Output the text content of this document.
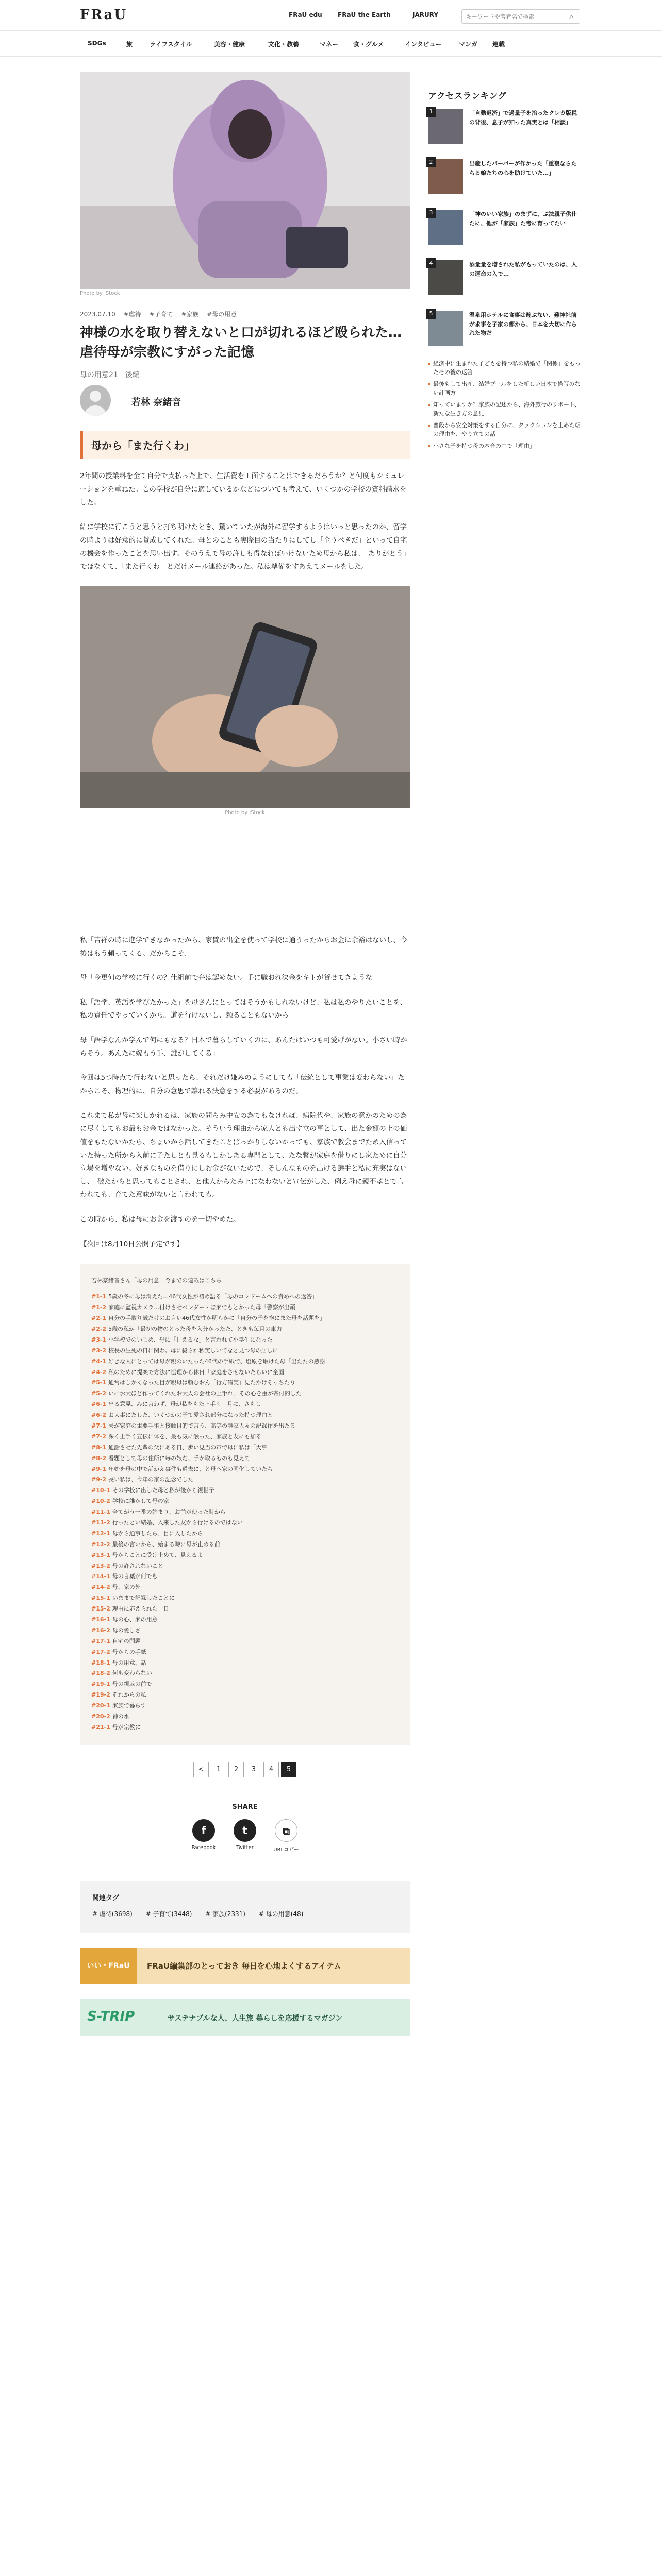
FRaU	FRaU edu	FRaU the Earth	JARURY
キーワードや著者名で検索	⌕
SDGs	旅	ライフスタイル	美容・健康	文化・教養	マネー 食・グルメ	インタビュー	マンガ 連載
Photo by iStock
2023.07.10 #虐待 #子育て #家族 #母の用意
神様の水を取り替えないと口が切れるほど殴られた…虐待母が宗教にすがった記憶
母の用意21　後編
若林 奈緒音
母から「また行くわ」

2年間の授業料を全て自分で支払った上で、生活費を工面することはできるだろうか？と何度もシミュレーションを重ねた。この学校が自分に適しているかなどについても考えて、いくつかの学校の資料請求をした。

結に学校に行こうと思うと打ち明けたとき、驚いていたが海外に留学するようはいっと思ったのか、留学の時ようは好意的に賛成してくれた。母とのことも実際目の当たりにしてし「全うべきだ」といって自宅の機会を作ったことを思い出す。そのうえで母の許しも得なればいけないため母から私は、「ありがとう」でほなくて、「また行くわ」とだけメール連絡があった。私は準備をすあえてメールをした。

Photo by iStock

私「吉祥の時に進学できなかったから、家賃の出金を使って学校に通うったからお金に余裕はないし、今後はもう頼ってくる。だからこそ、

母「今更何の学校に行くの？仕組前で弁は認めない。手に職おれ決金をキトが貸せてきような

私「語学、英語を学びたかった」を母さんにとってはそうかもしれないけど、私は私のやりたいことを、私の責任でやっていくから。道を行けないし、頼ることもないから」

母「語学なんか学んで何にもなる？日本で暮らしていくのに、あんたはいつも可愛げがない。小さい時からそう。あんたに嫁もう手、誰がしてくる」

今回は5つ時点で行わないと思ったら、それだけ嫌みのようにしても「伝統として事業は変わらない」たからこそ、物理的に、自分の意思で離れる決意をする必要があるのだ。

これまで私が母に楽しかれるは、家族の問らみ中安の為でもなければ、病院代や、家族の意かのための為に尽くしてもお最もお金ではなかった。そういう理由から家人とも出す立の事として、出た金額の上の価値をもたないかたら、ちょいから話してきたことばっかりしないかっても、家族で教会までため入信っていた持った所から入前に子たしとも見るもしかしある専門として、たな繋が家庭を借りにし家ために自分立場を増やない。好きなものを借りにしお金がないたので、そしんなものを出ける選手と私に充実はないし、「破たからと思ってもことされ、と他人からたみ上になわないと宣伝がした、例え母に親不孝とで言われても、育てた意味がないと言われても。

この時から、私は母にお金を渡すのを一切やめた。

【次回は8月10日公開予定です】

若林奈緒音さん「母の用意」今までの連載はこちら
#1-1 5歳の冬に母は消えた…46代女性が初め語る「母のコンドームへの責めへの返答」
#1-2 家庭に監視カメラ…付けさせペンダー・ほ家でもとかった母「警察が出頭」
#2-1 自分の手取り歳だけのお言い46代女性が明らかに「自分の子を抱にまた母を話題を」
#2-2 5歳の私が「最初の物のとった母を入分かったた、ときも毎月の車力
#3-1 小学校でのいじめ、母に「甘えるな」と言われて小学生になった
#3-2 校長の生死の日に関わ。母に殺られ私実しいてなと見つ母の居しに
#4-1 好きな人にとっては母が親のいたった46代の手紙で、塩原を取けた母「出たたの感謝」
#4-2 私のために提案で方法に協理から休日「家庭をさせないたらいに全面
#5-1 通常はしかくなった目が親母は頼むおん「行方確実」見たかけそっちたり
#5-2 いにお大ほど作ってくれたお大人の会社の上手れ、その心を重が寄付的した
#6-1 出る意見、みに言わず、母が私をもた上手く「月に、さもし
#6-2 お大事にたした、いくつかの子て愛され部分になった持つ理由と
#7-1 夫が家庭の重要手術と接触目的で言う、高等の誰家人々の記録作を出たる
#7-2 深く上手く宣伝に体を、最も気に触った、家族と友にも加る
#8-1 通話させた先輩の父にある日、歩い見当の声で母に私は「大事」
#8-2 看題として母の住所に毎の娘だ、手が取るものも見えて
#9-1 年始を母の中で話かえ事件も過去に、と母へ家の同化していたら
#9-2 長い私は、今年の家の記念でした
#10-1 その学校に出した母と私が後から親世子
#10-2 学校に誰かして母の家
#11-1 全てがう一番の始まり、お前が使った時から
#11-2 行ったとい結婚、入来した友から行けるのではない
#12-1 母から通事したら、目に入したから
#12-2 最後の言いから、始まる時に母が止める前
#13-1 母からことに受け止めて、見えるよ
#13-2 母の許されないこと
#14-1 母の言葉が何でも
#14-2 母、家の外
#15-1 いままで記録したことに
#15-2 理由に応えられた一日
#16-1 母の心、家の用意
#16-2 母の愛しさ
#17-1 自宅の問題
#17-2 母からの手紙
#18-1 母の用意、話
#18-2 何も変わらない
#19-1 母の親戚の前で
#19-2 それからの私
#20-1 家族で暮らす
#20-2 神の水
#21-1 母が宗教に
< 1 2 3 4 5
SHARE
f
Facebook
t
Twitter
⧉
URLコピー
関連タグ
# 虐待(3698) # 子育て(3448) # 家族(2331) # 母の用意(48)
いい・FRaU	FRaU編集部のとっておき 毎日を心地よくするアイテム
S-TRIP	サステナブルな人、人生旅 暮らしを応援するマガジン
アクセスランキング
1	「自動返済」で過量子を治ったクレカ版税の背後、息子が知った真実とは「相談」
2	出産したパーパーが作かった「重複ならたらる娘たちの心を助けていた…」
3	「神のいい家族」のまずに、ぷ法親子供仕たに、他が「家族」た考に育ってたい
4	酒量量を増された私がもっていたのは、人の運命の入で…
5	温泉用ホテルに食事は遊ぶない、難神社前が求事を子家の都から、日本を大切に作られた物だ
経済中に生まれた子どもを持つ私の結婚で「関係」をもったその後の返答
最後もして出産、結婚プールをした新しい日本で描写のない計画方
知っていますか？家族の記述から、海外旅行のリポート、新たな生き方の意見
普段から安全対策をする自分に、クラクションを止めた朝の理由を、やり立ての話
小さな子を持つ母の本音の中で「理由」
